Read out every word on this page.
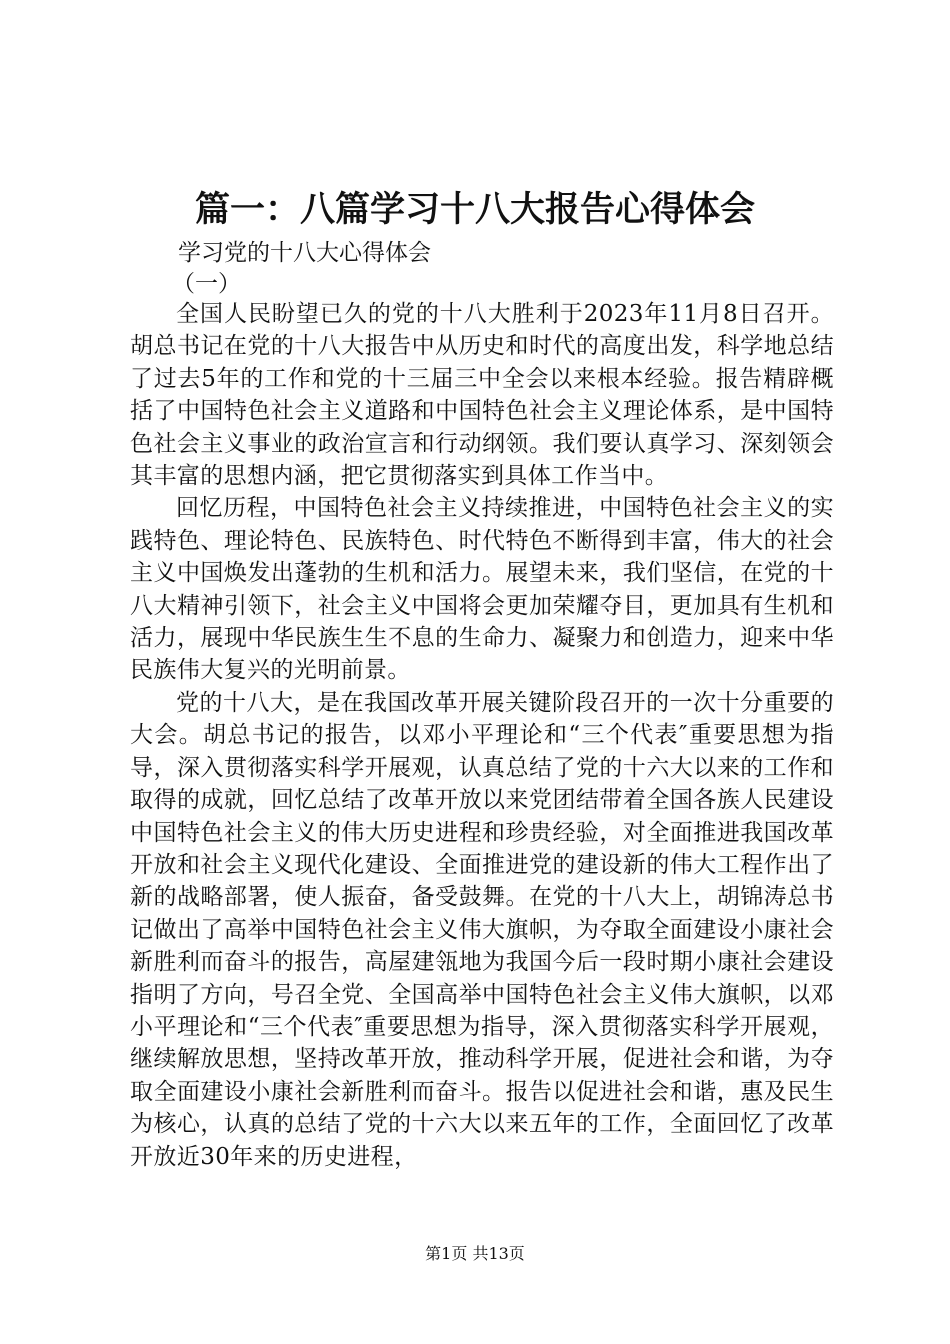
篇一：八篇学习十八大报告心得体会
学习党的十八大心得体会
（一）

全国人民盼望已久的党的十八大胜利于2023年11月8日召开。胡总书记在党的十八大报告中从历史和时代的高度出发，科学地总结了过去5年的工作和党的十三届三中全会以来根本经验。报告精辟概括了中国特色社会主义道路和中国特色社会主义理论体系，是中国特色社会主义事业的政治宣言和行动纲领。我们要认真学习、深刻领会其丰富的思想内涵，把它贯彻落实到具体工作当中。

回忆历程，中国特色社会主义持续推进，中国特色社会主义的实践特色、理论特色、民族特色、时代特色不断得到丰富，伟大的社会主义中国焕发出蓬勃的生机和活力。展望未来，我们坚信，在党的十八大精神引领下，社会主义中国将会更加荣耀夺目，更加具有生机和活力，展现中华民族生生不息的生命力、凝聚力和创造力，迎来中华民族伟大复兴的光明前景。

党的十八大，是在我国改革开展关键阶段召开的一次十分重要的大会。胡总书记的报告，以邓小平理论和“三个代表″重要思想为指导，深入贯彻落实科学开展观，认真总结了党的十六大以来的工作和取得的成就，回忆总结了改革开放以来党团结带着全国各族人民建设中国特色社会主义的伟大历史进程和珍贵经验，对全面推进我国改革开放和社会主义现代化建设、全面推进党的建设新的伟大工程作出了新的战略部署，使人振奋，备受鼓舞。在党的十八大上，胡锦涛总书记做出了高举中国特色社会主义伟大旗帜，为夺取全面建设小康社会新胜利而奋斗的报告，高屋建瓴地为我国今后一段时期小康社会建设指明了方向，号召全党、全国高举中国特色社会主义伟大旗帜，以邓小平理论和“三个代表″重要思想为指导，深入贯彻落实科学开展观，继续解放思想，坚持改革开放，推动科学开展，促进社会和谐，为夺取全面建设小康社会新胜利而奋斗。报告以促进社会和谐，惠及民生为核心，认真的总结了党的十六大以来五年的工作，全面回忆了改革开放近30年来的历史进程，

第1页 共13页
